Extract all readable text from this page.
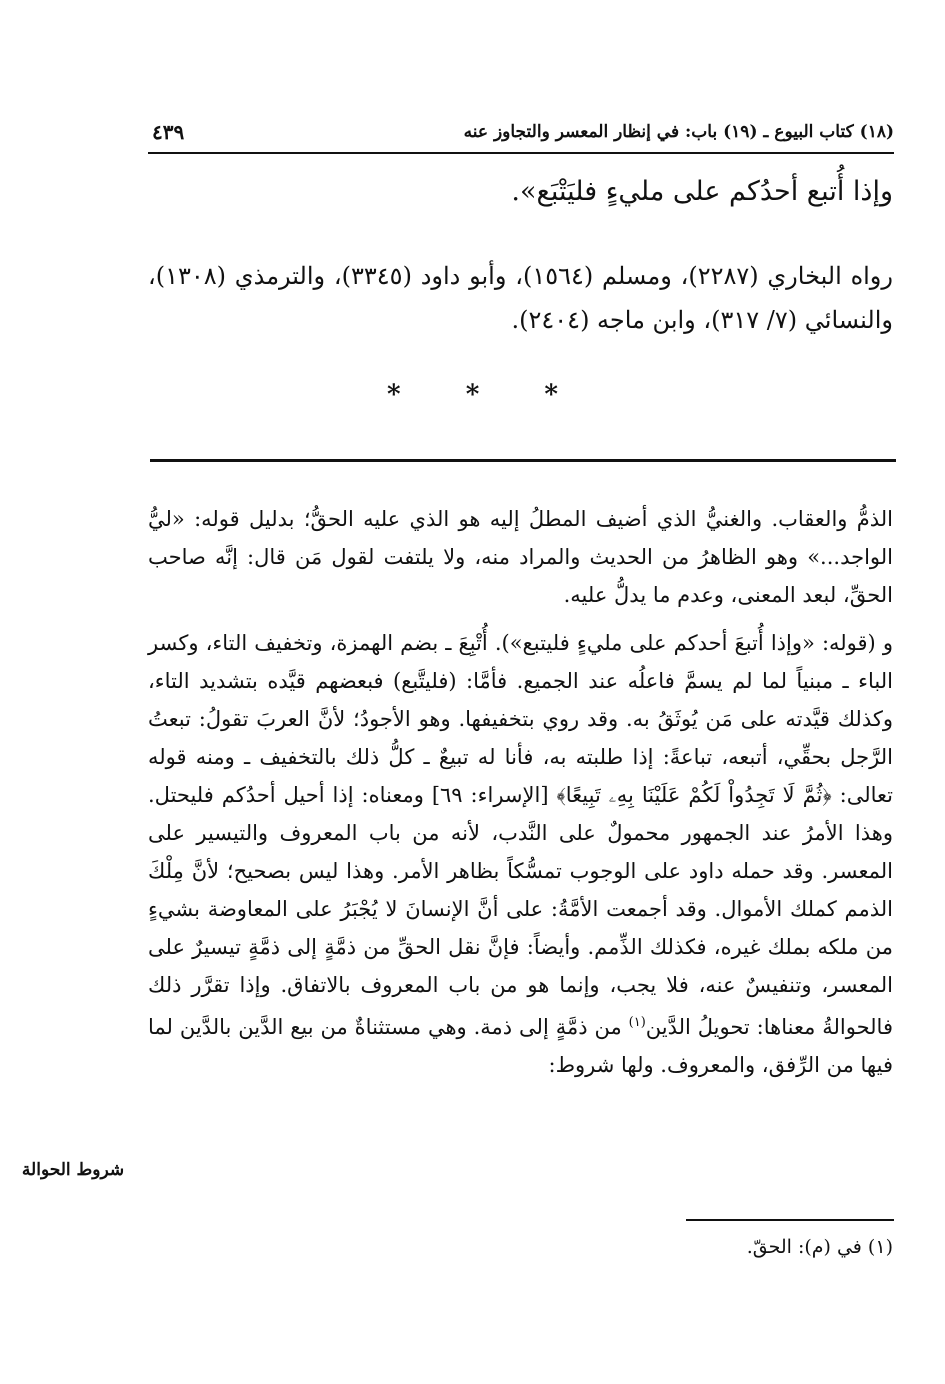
(١٨) كتاب البيوع ـ (١٩) باب: في إنظار المعسر والتجاوز عنه
٤٣٩
وإذا أُتبع أحدُكم على مليءٍ فليَتْبَع».
رواه البخاري (٢٢٨٧)، ومسلم (١٥٦٤)، وأبو داود (٣٣٤٥)، والترمذي (١٣٠٨)، والنسائي (٧/ ٣١٧)، وابن ماجه (٢٤٠٤).
*	*	*

الذمُّ والعقاب. والغنيُّ الذي أضيف المطلُ إليه هو الذي عليه الحقُّ؛ بدليل قوله: «ليُّ الواجد...» وهو الظاهرُ من الحديث والمراد منه، ولا يلتفت لقول مَن قال: إنَّه صاحب الحقِّ، لبعد المعنى، وعدم ما يدلُّ عليه.

و (قوله: «وإذا أُتبعَ أحدكم على مليءٍ فليتبع»). أُتْبِعَ ـ بضم الهمزة، وتخفيف التاء، وكسر الباء ـ مبنياً لما لم يسمَّ فاعلُه عند الجميع. فأمَّا: (فليتَّبع) فبعضهم قيَّده بتشديد التاء، وكذلك قيَّدته على مَن يُوثَقُ به. وقد روي بتخفيفها. وهو الأجودُ؛ لأنَّ العربَ تقولُ: تبعتُ الرَّجل بحقِّي، أتبعه، تباعةً: إذا طلبته به، فأنا له تبيعٌ ـ كلُّ ذلك بالتخفيف ـ ومنه قوله تعالى: ﴿ثُمَّ لَا تَجِدُواْ لَكُمْ عَلَيْنَا بِهِۦ تَبِيعًا﴾ [الإسراء: ٦٩] ومعناه: إذا أحيل أحدُكم فليحتل. وهذا الأمرُ عند الجمهور محمولٌ على النَّدب، لأنه من باب المعروف والتيسير على المعسر. وقد حمله داود على الوجوب تمسُّكاً بظاهر الأمر. وهذا ليس بصحيح؛ لأنَّ مِلْكَ الذمم كملك الأموال. وقد أجمعت الأمَّةُ: على أنَّ الإنسانَ لا يُجْبَرُ على المعاوضة بشيءٍ من ملكه بملك غيره، فكذلك الذِّمم. وأيضاً: فإنَّ نقل الحقِّ من ذمَّةٍ إلى ذمَّةٍ تيسيرٌ على المعسر، وتنفيسٌ عنه، فلا يجب، وإنما هو من باب المعروف بالاتفاق. وإذا تقرَّر ذلك فالحوالةُ معناها: تحويلُ الدَّين$^{(١)}$ من ذمَّةٍ إلى ذمة. وهي مستثناةٌ من بيع الدَّين بالدَّين لما فيها من الرِّفق، والمعروف. ولها شروط:

شروط الحوالة
(١) في (م): الحقّ.
